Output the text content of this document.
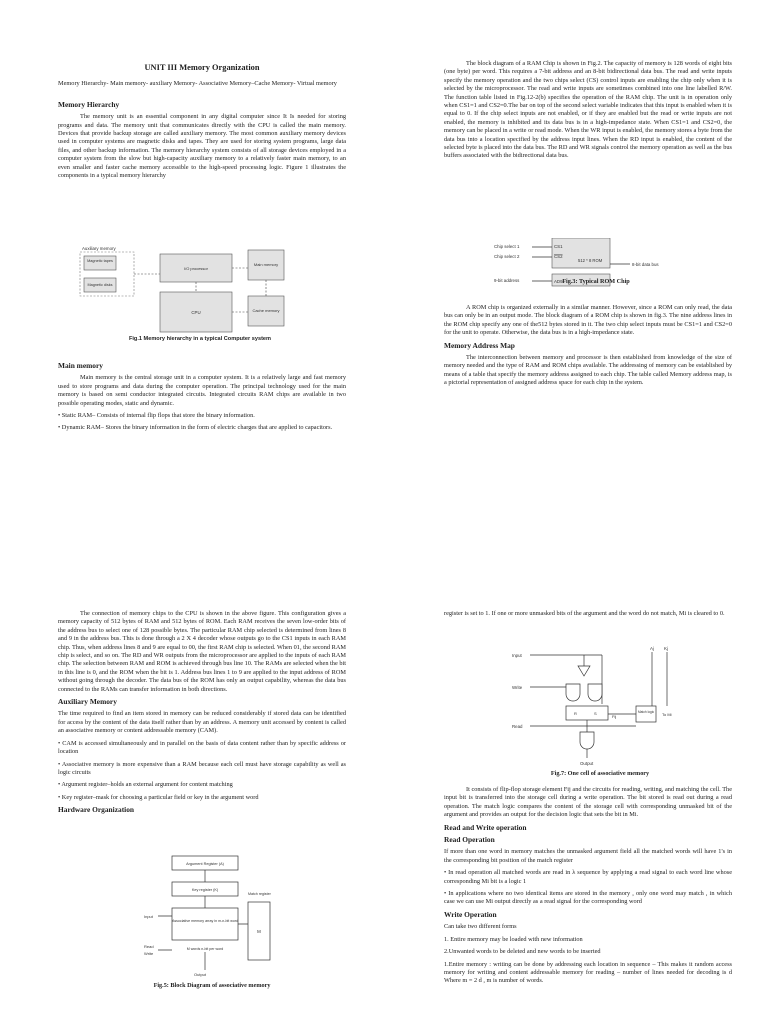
UNIT III Memory Organization

Memory Hierarchy- Main memory- auxiliary Memory- Associative Memory–Cache Memory- Virtual memory

Memory Hierarchy

The memory unit is an essential component in any digital computer since It Is needed for storing programs and data. The memory unit that communicates directly with the CPU is called the main memory. Devices that provide backup storage are called auxiliary memory. The most common auxiliary memory devices used in computer systems are magnetic disks and tapes. They are used for storing system programs, large data files, and other backup information. The memory hierarchy system consists of all storage devices employed in a computer system from the slow but high-capacity auxiliary memory to a relatively faster main memory, to an even smaller and faster cache memory accessible to the high-speed processing logic. Figure 1 illustrates the components in a typical memory hierarchy

Auxiliary memory
Magnetic tapes
Magnetic disks
I/O processor
Main memory
CPU	Cache memory
Fig.1 Memory hierarchy in a typical Computer system
Main memory

Main memory is the central storage unit in a computer system. It is a relatively large and fast memory used to store programs and data during the computer operation. The principal technology used for the main memory is based on semi conductor integrated circuits. Integrated circuits RAM chips are available in two possible operating modes, static and dynamic.

• Static RAM– Consists of internal flip flops that store the binary information.

• Dynamic RAM– Stores the binary information in the form of electric charges that are applied to capacitors.

The block diagram of a RAM Chip is shown in Fig.2. The capacity of memory is 128 words of eight bits (one byte) per word. This requires a 7-bit address and an 8-bit bidirectional data bus. The read and write inputs specify the memory operation and the two chips select (CS) control inputs are enabling the chip only when it is selected by the microprocessor. The read and write inputs are sometimes combined into one line labelled R/W. The function table listed in Fig.12-2(b) specifies the operation of the RAM chip. The unit is in operation only when CS1=1 and CS2=0.The bar on top of the second select variable indicates that this input is enabled when it is equal to 0. If the chip select inputs are not enabled, or if they are enabled but the read or write inputs are not enabled, the memory is inhibited and its data bus is in a high-impedance state. When CS1=1 and CS2=0, the memory can be placed in a write or read mode. When the WR input is enabled, the memory stores a byte from the data bus into a location specified by the address input lines. When the RD input is enabled, the content of the selected byte is placed into the data bus. The RD and WR signals control the memory operation as well as the bus buffers associated with the bidirectional data bus.

Chip select 1
Chip select 2
9-bit address
CS1
CS2
AD9
512 * 8 ROM
8-bit data bus
Fig.3: Typical ROM Chip

A ROM chip is organized externally in a similar manner. However, since a ROM can only read, the data bus can only be in an output mode. The block diagram of a ROM chip is shown in fig.3. The nine address lines in the ROM chip specify any one of the512 bytes stored in it. The two chip select inputs must be CS1=1 and CS2=0 for the unit to operate. Otherwise, the data bus is in a high-impedance state.

Memory Address Map

The interconnection between memory and processor is then established from knowledge of the size of memory needed and the type of RAM and ROM chips available. The addressing of memory can be established by means of a table that specify the memory address assigned to each chip. The table called Memory address map, is a pictorial representation of assigned address space for each chip in the system.

The connection of memory chips to the CPU is shown in the above figure. This configuration gives a memory capacity of 512 bytes of RAM and 512 bytes of ROM. Each RAM receives the seven low-order bits of the address bus to select one of 128 possible bytes. The particular RAM chip selected is determined from lines 8 and 9 in the address bus. This is done through a 2 X 4 decoder whose outputs go to the CS1 inputs in each RAM chip. Thus, when address lines 8 and 9 are equal to 00, the first RAM chip is selected. When 01, the second RAM chip is select, and so on. The RD and WR outputs from the microprocessor are applied to the inputs of each RAM chip. The selection between RAM and ROM is achieved through bus line 10. The RAMs are selected when the bit in this line is 0, and the ROM when the bit is 1. Address bus lines 1 to 9 are applied to the input address of ROM without going through the decoder. The data bus of the ROM has only an output capability, whereas the data bus connected to the RAMs can transfer information in both directions.

Auxiliary Memory

The time required to find an item stored in memory can be reduced considerably if stored data can be identified for access by the content of the data itself rather than by an address. A memory unit accessed by content is called an associative memory or content addressable memory (CAM).

• CAM is accessed simultaneously and in parallel on the basis of data content rather than by specific address or location

• Associative memory is more expensive than a RAM because each cell must have storage capability as well as logic circuits

• Argument register–holds an external argument for content matching

• Key register–mask for choosing a particular field or key in the argument word

Hardware Organization
Argument Register (A)
Key register (K)
Associative memory array in m-n-bit word
M words n-bit per word
Match register
M
Input
Read
Write
Output
Fig.5: Block Diagram of associative memory

register is set to 1. If one or more unmasked bits of the argument and the word do not match, Mi is cleared to 0.

Input
Write
Read
Aj Kj
R	S
Fij
Match logic To Mi
Output
Fig.7: One cell of associative memory

It consists of flip-flop storage element Fij and the circuits for reading, writing, and matching the cell. The input bit is transferred into the storage cell during a write operation. The bit stored is read out during a read operation. The match logic compares the content of the storage cell with corresponding unmasked bit of the argument and provides an output for the decision logic that sets the bit in Mi.

Read and Write operation
Read Operation

If more than one word in memory matches the unmasked argument field all the matched words will have 1's in the corresponding bit position of the match register

• In read operation all matched words are read in λ sequence by applying a read signal to each word line whose corresponding Mi bit is a logic 1

• In applications where no two identical items are stored in the memory , only one word may match , in which case we can use Mi output directly as a read signal for the corresponding word

Write Operation

Can take two different forms

1. Entire memory may be loaded with new information

2.Unwanted words to be deleted and new words to be inserted

1.Entire memory : writing can be done by addressing each location in sequence – This makes it random access memory for writing and content addressable memory for reading – number of lines needed for decoding is d Where m = 2 d , m is number of words.
